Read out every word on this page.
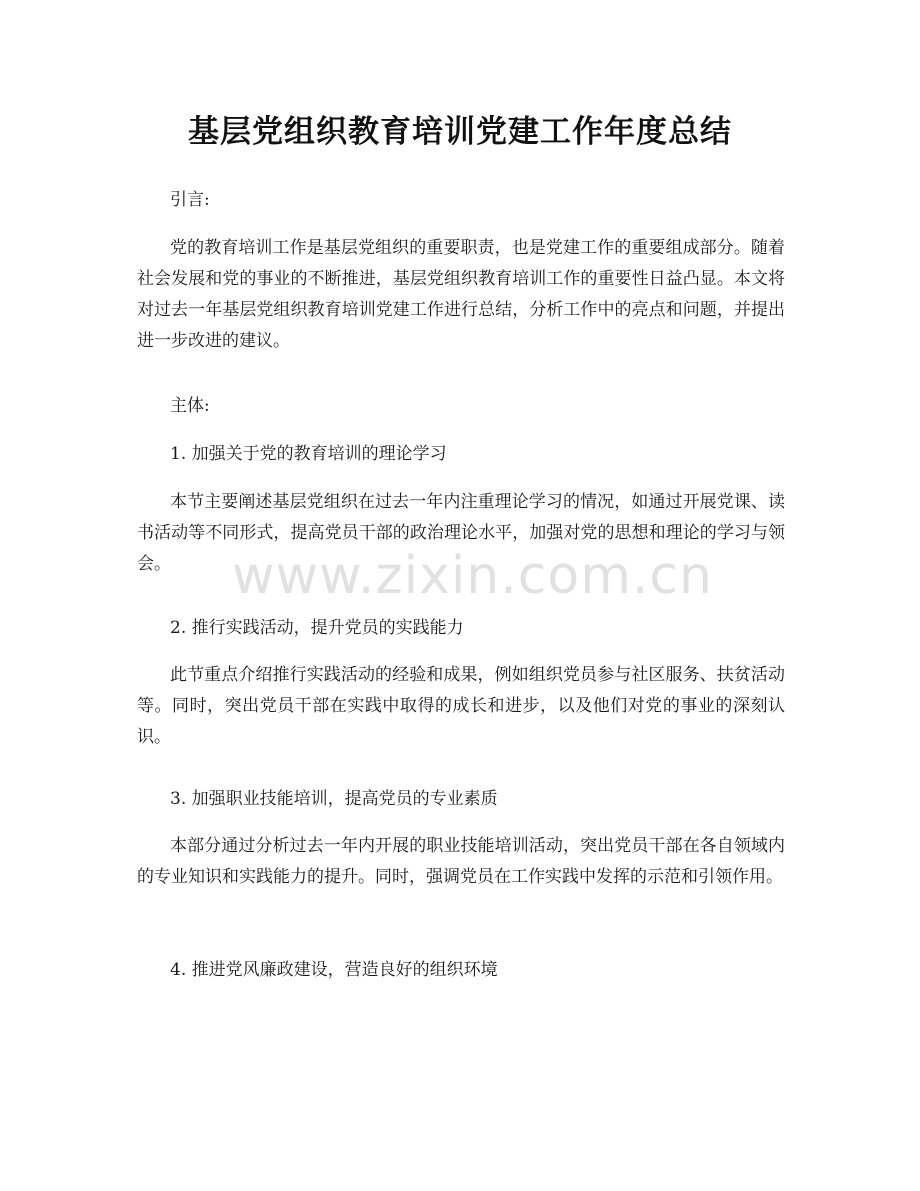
基层党组织教育培训党建工作年度总结

引言:

党的教育培训工作是基层党组织的重要职责，也是党建工作的重要组成部分。随着社会发展和党的事业的不断推进，基层党组织教育培训工作的重要性日益凸显。本文将对过去一年基层党组织教育培训党建工作进行总结，分析工作中的亮点和问题，并提出进一步改进的建议。

主体:

1. 加强关于党的教育培训的理论学习

本节主要阐述基层党组织在过去一年内注重理论学习的情况，如通过开展党课、读书活动等不同形式，提高党员干部的政治理论水平，加强对党的思想和理论的学习与领会。

2. 推行实践活动，提升党员的实践能力

此节重点介绍推行实践活动的经验和成果，例如组织党员参与社区服务、扶贫活动等。同时，突出党员干部在实践中取得的成长和进步，以及他们对党的事业的深刻认识。

3. 加强职业技能培训，提高党员的专业素质

本部分通过分析过去一年内开展的职业技能培训活动，突出党员干部在各自领域内的专业知识和实践能力的提升。同时，强调党员在工作实践中发挥的示范和引领作用。

4. 推进党风廉政建设，营造良好的组织环境

www.zixin.com.cn
